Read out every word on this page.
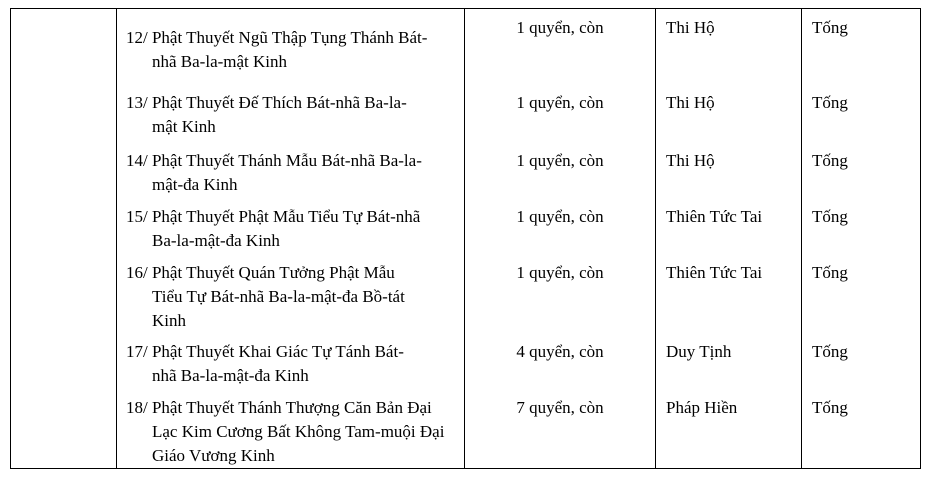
12/ Phật Thuyết Ngũ Thập Tụng Thánh Bát-
nhã Ba-la-mật Kinh
1 quyển, còn	Thi Hộ	Tống
13/ Phật Thuyết Đế Thích Bát-nhã Ba-la-
mật Kinh
1 quyển, còn	Thi Hộ	Tống
14/ Phật Thuyết Thánh Mẫu Bát-nhã Ba-la-
mật-đa Kinh
1 quyển, còn	Thi Hộ	Tống
15/ Phật Thuyết Phật Mẫu Tiểu Tự Bát-nhã
Ba-la-mật-đa Kinh
1 quyển, còn	Thiên Tức Tai	Tống
16/ Phật Thuyết Quán Tưởng Phật Mẫu
Tiểu Tự Bát-nhã Ba-la-mật-đa Bồ-tát
Kinh
1 quyển, còn	Thiên Tức Tai	Tống
17/ Phật Thuyết Khai Giác Tự Tánh Bát-
nhã Ba-la-mật-đa Kinh
4 quyển, còn	Duy Tịnh	Tống
18/ Phật Thuyết Thánh Thượng Căn Bản Đại
Lạc Kim Cương Bất Không Tam-muội Đại
Giáo Vương Kinh
7 quyển, còn	Pháp Hiền	Tống
